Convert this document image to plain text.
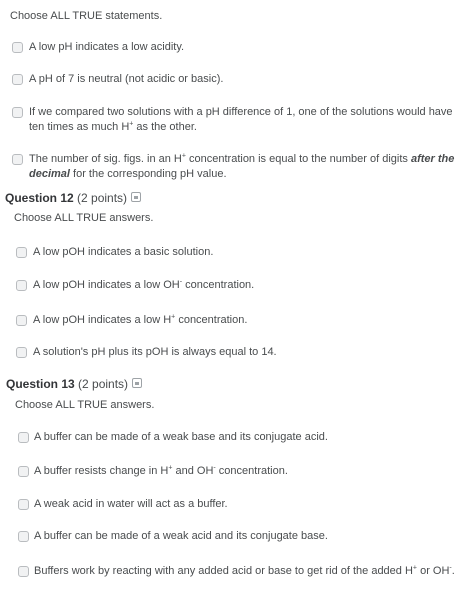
Choose ALL TRUE statements.
A low pH indicates a low acidity.
A pH of 7 is neutral (not acidic or basic).
If we compared two solutions with a pH difference of 1, one of the solutions would have
ten times as much H+ as the other.
The number of sig. figs. in an H+ concentration is equal to the number of digits after the
decimal for the corresponding pH value.
Question 12 (2 points)
Choose ALL TRUE answers.
A low pOH indicates a basic solution.
A low pOH indicates a low OH- concentration.
A low pOH indicates a low H+ concentration.
A solution's pH plus its pOH is always equal to 14.
Question 13 (2 points)
Choose ALL TRUE answers.
A buffer can be made of a weak base and its conjugate acid.
A buffer resists change in H+ and OH- concentration.
A weak acid in water will act as a buffer.
A buffer can be made of a weak acid and its conjugate base.
Buffers work by reacting with any added acid or base to get rid of the added H+ or OH-.
